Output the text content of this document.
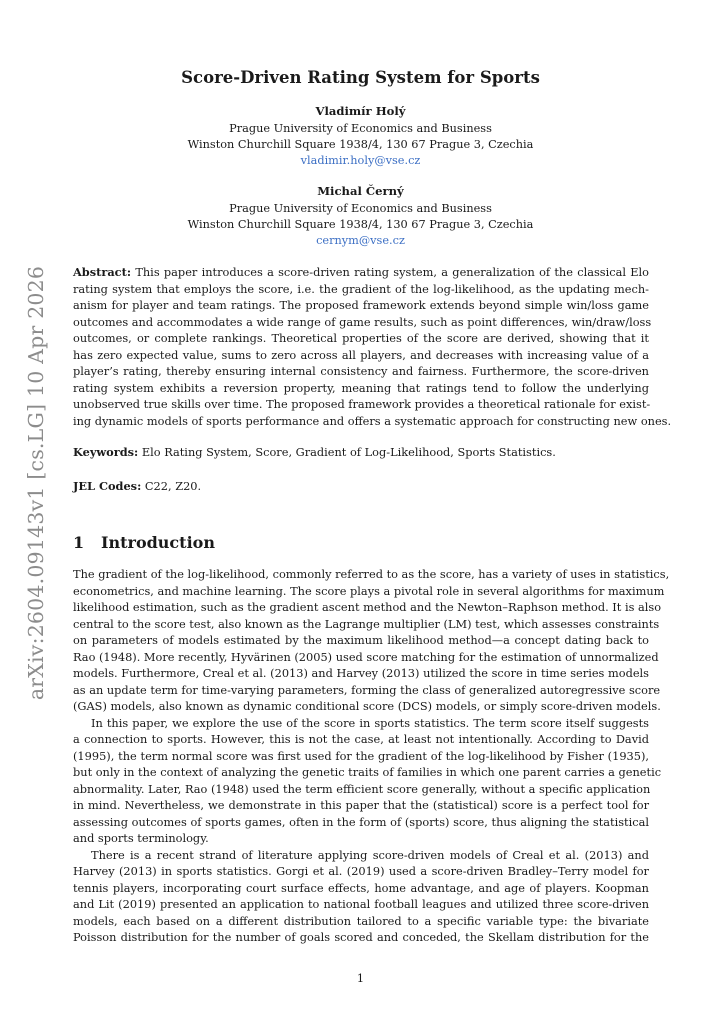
arXiv:2604.09143v1 [cs.LG] 10 Apr 2026
Score-Driven Rating System for Sports
Vladimír Holý
Prague University of Economics and Business
Winston Churchill Square 1938/4, 130 67 Prague 3, Czechia
vladimir.holy@vse.cz
Michal Černý
Prague University of Economics and Business
Winston Churchill Square 1938/4, 130 67 Prague 3, Czechia
cernym@vse.cz
Abstract: This paper introduces a score-driven rating system, a generalization of the classical Elo
rating system that employs the score, i.e. the gradient of the log-likelihood, as the updating mech-
anism for player and team ratings. The proposed framework extends beyond simple win/loss game
outcomes and accommodates a wide range of game results, such as point differences, win/draw/loss
outcomes, or complete rankings. Theoretical properties of the score are derived, showing that it
has zero expected value, sums to zero across all players, and decreases with increasing value of a
player’s rating, thereby ensuring internal consistency and fairness. Furthermore, the score-driven
rating system exhibits a reversion property, meaning that ratings tend to follow the underlying
unobserved true skills over time. The proposed framework provides a theoretical rationale for exist-
ing dynamic models of sports performance and offers a systematic approach for constructing new ones.
Keywords: Elo Rating System, Score, Gradient of Log-Likelihood, Sports Statistics.
JEL Codes: C22, Z20.
1 Introduction
The gradient of the log-likelihood, commonly referred to as the score, has a variety of uses in statistics,
econometrics, and machine learning. The score plays a pivotal role in several algorithms for maximum
likelihood estimation, such as the gradient ascent method and the Newton–Raphson method. It is also
central to the score test, also known as the Lagrange multiplier (LM) test, which assesses constraints
on parameters of models estimated by the maximum likelihood method—a concept dating back to
Rao (1948). More recently, Hyvärinen (2005) used score matching for the estimation of unnormalized
models. Furthermore, Creal et al. (2013) and Harvey (2013) utilized the score in time series models
as an update term for time-varying parameters, forming the class of generalized autoregressive score
(GAS) models, also known as dynamic conditional score (DCS) models, or simply score-driven models.
In this paper, we explore the use of the score in sports statistics. The term score itself suggests
a connection to sports. However, this is not the case, at least not intentionally. According to David
(1995), the term normal score was first used for the gradient of the log-likelihood by Fisher (1935),
but only in the context of analyzing the genetic traits of families in which one parent carries a genetic
abnormality. Later, Rao (1948) used the term efficient score generally, without a specific application
in mind. Nevertheless, we demonstrate in this paper that the (statistical) score is a perfect tool for
assessing outcomes of sports games, often in the form of (sports) score, thus aligning the statistical
and sports terminology.
There is a recent strand of literature applying score-driven models of Creal et al. (2013) and
Harvey (2013) in sports statistics. Gorgi et al. (2019) used a score-driven Bradley–Terry model for
tennis players, incorporating court surface effects, home advantage, and age of players. Koopman
and Lit (2019) presented an application to national football leagues and utilized three score-driven
models, each based on a different distribution tailored to a specific variable type: the bivariate
Poisson distribution for the number of goals scored and conceded, the Skellam distribution for the
1
